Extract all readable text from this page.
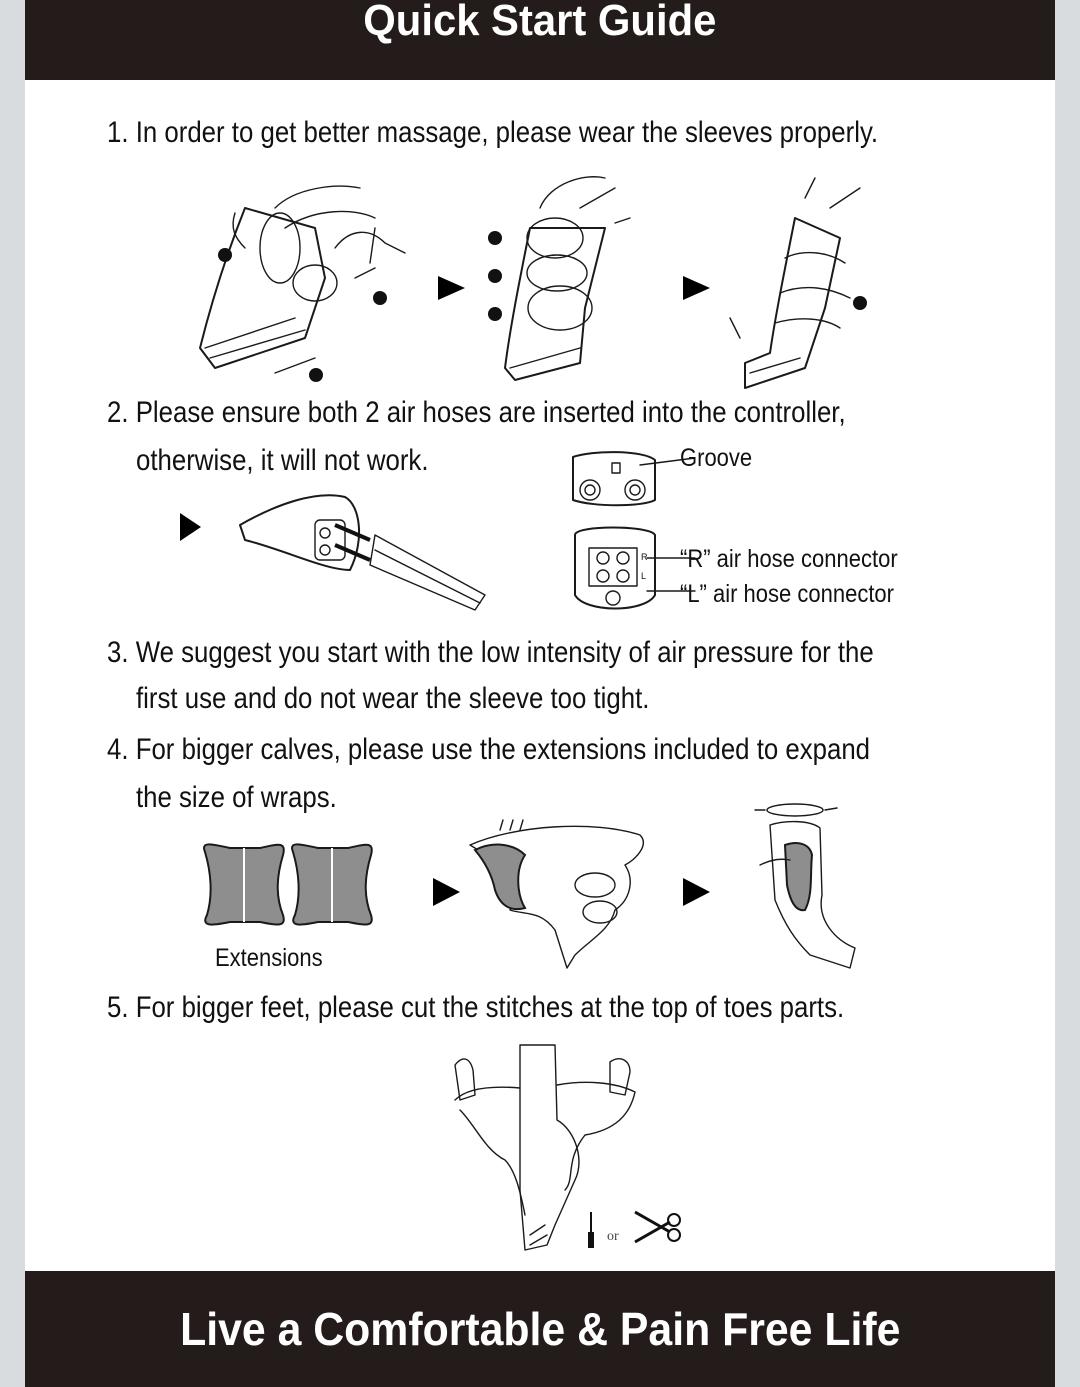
Quick Start Guide
1. In order to get better massage, please wear the sleeves properly.
2. Please ensure both 2 air hoses are inserted into the controller,
otherwise, it will not work.
R
L
Groove
“R” air hose connector
“L” air hose connector
3. We suggest you start with the low intensity of air pressure for the
first use and do not wear the sleeve too tight.
4. For bigger calves, please use the extensions included to expand
the size of wraps.
Extensions
5. For bigger feet, please cut the stitches at the top of toes parts.
or
Live a Comfortable & Pain Free Life
